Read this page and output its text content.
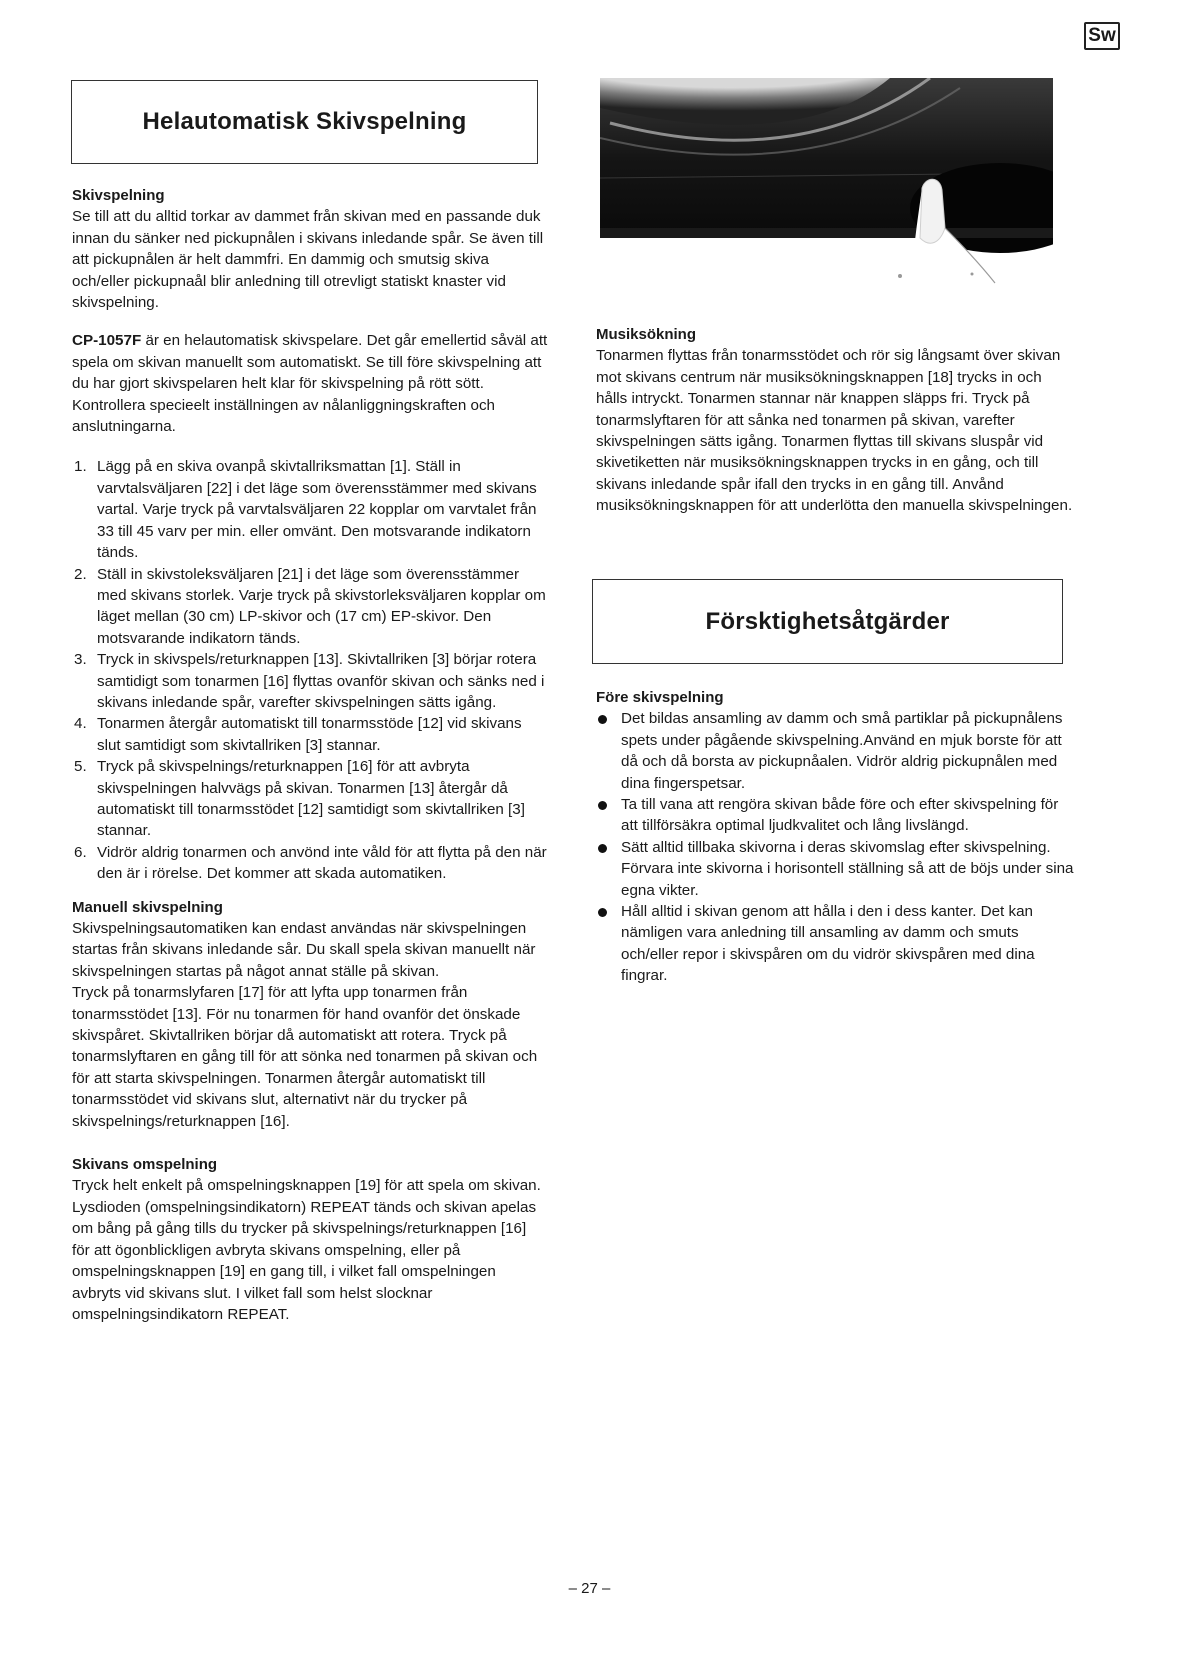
Sw
Helautomatisk Skivspelning
Skivspelning

Se till att du alltid torkar av dammet från skivan med en passande duk innan du sänker ned pickupnålen i skivans inledande spår. Se även till att pickupnålen är helt dammfri. En dammig och smutsig skiva och/eller pickupnaål blir anledning till otrevligt statiskt knaster vid skivspelning.

CP-1057F är en helautomatisk skivspelare. Det går emellertid såväl att spela om skivan manuellt som automatiskt. Se till före skivspelning att du har gjort skivspelaren helt klar för skivspelning på rött sött. Kontrollera specieelt inställningen av nålanliggningskraften och anslutningarna.

1. Lägg på en skiva ovanpå skivtallriksmattan [1]. Ställ in varvtalsväljaren [22] i det läge som överensstämmer med skivans vartal. Varje tryck på varvtalsväljaren 22 kopplar om varvtalet från 33 till 45 varv per min. eller omvänt. Den motsvarande indikatorn tänds.
2. Ställ in skivstoleksväljaren [21] i det läge som överensstämmer med skivans storlek. Varje tryck på skivstorleksväljaren kopplar om läget mellan (30 cm) LP-skivor och (17 cm) EP-skivor. Den motsvarande indikatorn tänds.
3. Tryck in skivspels/returknappen [13]. Skivtallriken [3] börjar rotera samtidigt som tonarmen [16] flyttas ovanför skivan och sänks ned i skivans inledande spår, varefter skivspelningen sätts igång.
4. Tonarmen återgår automatiskt till tonarmsstöde [12] vid skivans slut samtidigt som skivtallriken [3] stannar.
5. Tryck på skivspelnings/returknappen [16] för att avbryta skivspelningen halvvägs på skivan. Tonarmen [13] återgår då automatiskt till tonarmsstödet [12] samtidigt som skivtallriken [3] stannar.
6. Vidrör aldrig tonarmen och anvönd inte våld för att flytta på den när den är i rörelse. Det kommer att skada automatiken.
Manuell skivspelning

Skivspelningsautomatiken kan endast användas när skivspelningen startas från skivans inledande sår. Du skall spela skivan manuellt när skivspelningen startas på något annat ställe på skivan.

Tryck på tonarmslyfaren [17] för att lyfta upp tonarmen från tonarmsstödet [13]. För nu tonarmen för hand ovanför det önskade skivspåret. Skivtallriken börjar då automatiskt att rotera. Tryck på tonarmslyftaren en gång till för att sönka ned tonarmen på skivan och för att starta skivspelningen. Tonarmen återgår automatiskt till tonarmsstödet vid skivans slut, alternativt när du trycker på skivspelnings/returknappen [16].

Skivans omspelning

Tryck helt enkelt på omspelningsknappen [19] för att spela om skivan. Lysdioden (omspelningsindikatorn) REPEAT tänds och skivan apelas om bång på gång tills du trycker på skivspelnings/returknappen [16] för att ögonblickligen avbryta skivans omspelning, eller på omspelningsknappen [19] en gang till, i vilket fall omspelningen avbryts vid skivans slut. I vilket fall som helst slocknar omspelningsindikatorn REPEAT.

Musiksökning

Tonarmen flyttas från tonarmsstödet och rör sig långsamt över skivan mot skivans centrum när musiksökningsknappen [18] trycks in och hålls intryckt. Tonarmen stannar när knappen släpps fri. Tryck på tonarmslyftaren för att sånka ned tonarmen på skivan, varefter skivspelningen sätts igång. Tonarmen flyttas till skivans sluspår vid skivetiketten när musiksökningsknappen trycks in en gång, och till skivans inledande spår ifall den trycks in en gång till. Anvånd musiksökningsknappen för att underlötta den manuella skivspelningen.

Försktighetsåtgärder
Före skivspelning
Det bildas ansamling av damm och små partiklar på pickupnålens spets under pågående skivspelning.Använd en mjuk borste för att då och då borsta av pickupnåalen. Vidrör aldrig pickupnålen med dina fingerspetsar.
Ta till vana att rengöra skivan både före och efter skivspelning för att tillförsäkra optimal ljudkvalitet och lång livslängd.
Sätt alltid tillbaka skivorna i deras skivomslag efter skivspelning. Förvara inte skivorna i horisontell ställning så att de böjs under sina egna vikter.
Håll alltid i skivan genom att hålla i den i dess kanter. Det kan nämligen vara anledning till ansamling av damm och smuts och/eller repor i skivspåren om du vidrör skivspåren med dina fingrar.
– 27 –
